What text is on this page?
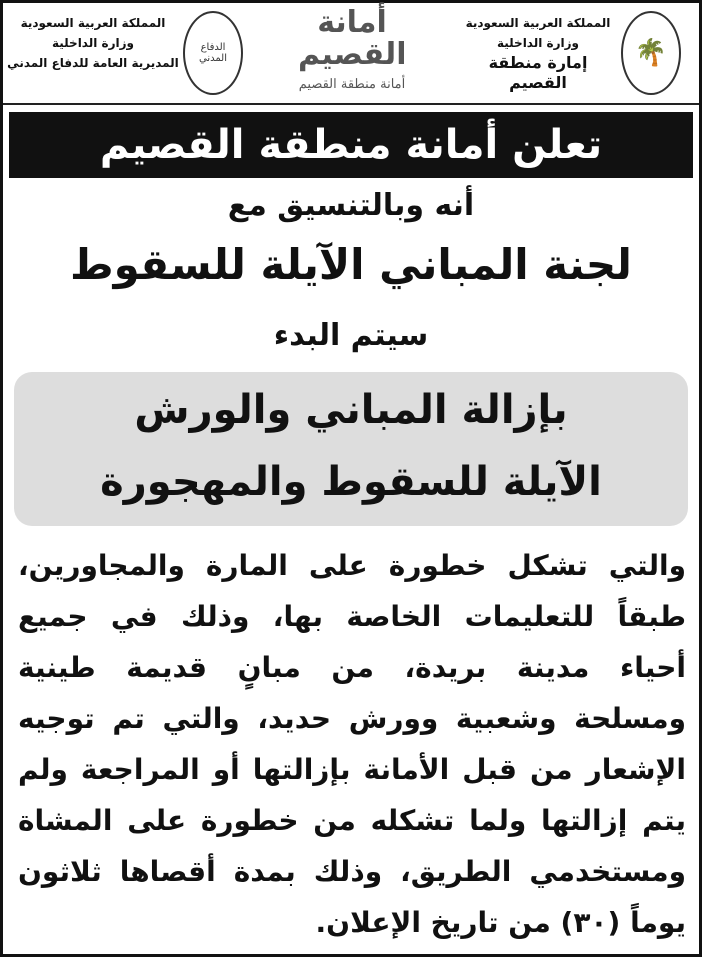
🌴
المملكة العربية السعودية
وزارة الداخلية
إمارة منطقة القصيم
أمانة القصيم
أمانة منطقة القصيم
الدفاع المدني
المملكة العربية السعودية
وزارة الداخلية
المديرية العامة للدفاع المدني
تعلن أمانة منطقة القصيم
أنه وبالتنسيق مع
لجنة المباني الآيلة للسقوط
سيتم البدء
بإزالة المباني والورش
الآيلة للسقوط والمهجورة
والتي تشكل خطورة على المارة والمجاورين،
طبقاً للتعليمات الخاصة بها، وذلك في جميع
أحياء مدينة بريدة، من مبانٍ قديمة طينية
ومسلحة وشعبية وورش حديد، والتي تم توجيه
الإشعار من قبل الأمانة بإزالتها أو المراجعة ولم
يتم إزالتها ولما تشكله من خطورة على المشاة
ومستخدمي الطريق، وذلك بمدة أقصاها ثلاثون
يوماً (٣٠) من تاريخ الإعلان.
